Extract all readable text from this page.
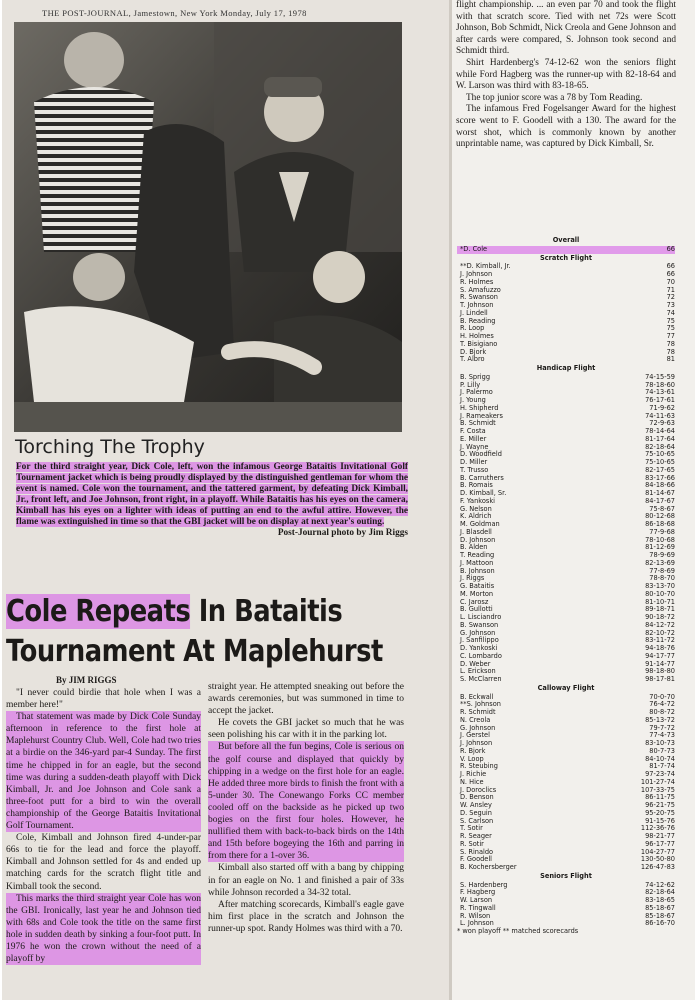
THE POST-JOURNAL, Jamestown, New York Monday, July 17, 1978
Torching The Trophy
For the third straight year, Dick Cole, left, won the infamous George Bataitis Invitational Golf Tournament jacket which is being proudly displayed by the distinguished gentleman for whom the event is named. Cole won the tournament, and the tattered garment, by defeating Dick Kimball, Jr., front left, and Joe Johnson, front right, in a playoff. While Bataitis has his eyes on the camera, Kimball has his eyes on a lighter with ideas of putting an end to the awful attire. However, the flame was extinguished in time so that the GBI jacket will be on display at next year's outing.
Post-Journal photo by Jim Riggs
Cole Repeats In Bataitis
Tournament At Maplehurst
By JIM RIGGS

"I never could birdie that hole when I was a member here!"

That statement was made by Dick Cole Sunday afternoon in reference to the first hole at Maplehurst Country Club. Well, Cole had two tries at a birdie on the 346-yard par-4 Sunday. The first time he chipped in for an eagle, but the second time was during a sudden-death playoff with Dick Kimball, Jr. and Joe Johnson and Cole sank a three-foot putt for a bird to win the overall championship of the George Bataitis Invitational Golf Tournament.

Cole, Kimball and Johnson fired 4-under-par 66s to tie for the lead and force the playoff. Kimball and Johnson settled for 4s and ended up matching cards for the scratch flight title and Kimball took the second.

This marks the third straight year Cole has won the GBI. Ironically, last year he and Johnson tied with 68s and Cole took the title on the same first hole in sudden death by sinking a four-foot putt. In 1976 he won the crown without the need of a playoff by

straight year. He attempted sneaking out before the awards ceremonies, but was summoned in time to accept the jacket.

He covets the GBI jacket so much that he was seen polishing his car with it in the parking lot.

But before all the fun begins, Cole is serious on the golf course and displayed that quickly by chipping in a wedge on the first hole for an eagle. He added three more birds to finish the front with a 5-under 30. The Conewango Forks CC member cooled off on the backside as he picked up two bogies on the first four holes. However, he nullified them with back-to-back birds on the 14th and 15th before bogeying the 16th and parring in from there for a 1-over 36.

Kimball also started off with a bang by chipping in for an eagle on No. 1 and finished a pair of 33s while Johnson recorded a 34-32 total.

After matching scorecards, Kimball's eagle gave him first place in the scratch and Johnson the runner-up spot. Randy Holmes was third with a 70.

flight championship. ... an even par 70 and took the flight with that scratch score. Tied with net 72s were Scott Johnson, Bob Schmidt, Nick Creola and Gene Johnson and after cards were compared, S. Johnson took second and Schmidt third.

Shirt Hardenberg's 74-12-62 won the seniors flight while Ford Hagberg was the runner-up with 82-18-64 and W. Larson was third with 83-18-65.

The top junior score was a 78 by Tom Reading.

The infamous Fred Fogelsanger Award for the highest score went to F. Goodell with a 130. The award for the worst shot, which is commonly known by another unprintable name, was captured by Dick Kimball, Sr.

Overall
*D. Cole	66
Scratch Flight
**D. Kimball, Jr.	66
J. Johnson	66
R. Holmes	70
S. Amafuzzo	71
R. Swanson	72
T. Johnson	73
J. Lindell	74
B. Reading	75
R. Loop	75
H. Holmes	77
T. Bisigiano	78
D. Bjork	78
T. Albro	81
Handicap Flight
B. Sprigg	74-15-59
P. Lilly	78-18-60
J. Palermo	74-13-61
J. Young	76-17-61
H. Shipherd	71-9-62
J. Rameakers	74-11-63
B. Schmidt	72-9-63
F. Costa	78-14-64
E. Miller	81-17-64
J. Wayne	82-18-64
D. Woodfield	75-10-65
D. Miller	75-10-65
T. Trusso	82-17-65
B. Carruthers	83-17-66
B. Romais	84-18-66
D. Kimball, Sr.	81-14-67
F. Yankoski	84-17-67
G. Nelson	75-8-67
K. Aldrich	80-12-68
M. Goldman	86-18-68
J. Blasdell	77-9-68
D. Johnson	78-10-68
B. Alden	81-12-69
T. Reading	78-9-69
J. Mattoon	82-13-69
B. Johnson	77-8-69
J. Riggs	78-8-70
G. Bataitis	83-13-70
M. Morton	80-10-70
C. Jarosz	81-10-71
B. Gullotti	89-18-71
L. Lisciandro	90-18-72
B. Swanson	84-12-72
G. Johnson	82-10-72
J. Sanfilippo	83-11-72
D. Yankoski	94-18-76
C. Lombardo	94-17-77
D. Weber	91-14-77
L. Erickson	98-18-80
S. McClarren	98-17-81
Calloway Flight
B. Eckwall	70-0-70
**S. Johnson	76-4-72
R. Schmidt	80-8-72
N. Creola	85-13-72
G. Johnson	79-7-72
J. Gerstel	77-4-73
J. Johnson	83-10-73
R. Bjork	80-7-73
V. Loop	84-10-74
R. Steubing	81-7-74
J. Richie	97-23-74
N. Hice	101-27-74
J. Doroclics	107-33-75
D. Benson	86-11-75
W. Ansley	96-21-75
D. Seguin	95-20-75
S. Carlson	91-15-76
T. Sotir	112-36-76
R. Seager	98-21-77
R. Sotir	96-17-77
S. Rinaldo	104-27-77
F. Goodell	130-50-80
B. Kochersberger	126-47-83
Seniors Flight
S. Hardenberg	74-12-62
F. Hagberg	82-18-64
W. Larson	83-18-65
R. Tingwall	85-18-67
R. Wilson	85-18-67
L. Johnson	86-16-70
* won playoff ** matched scorecards
